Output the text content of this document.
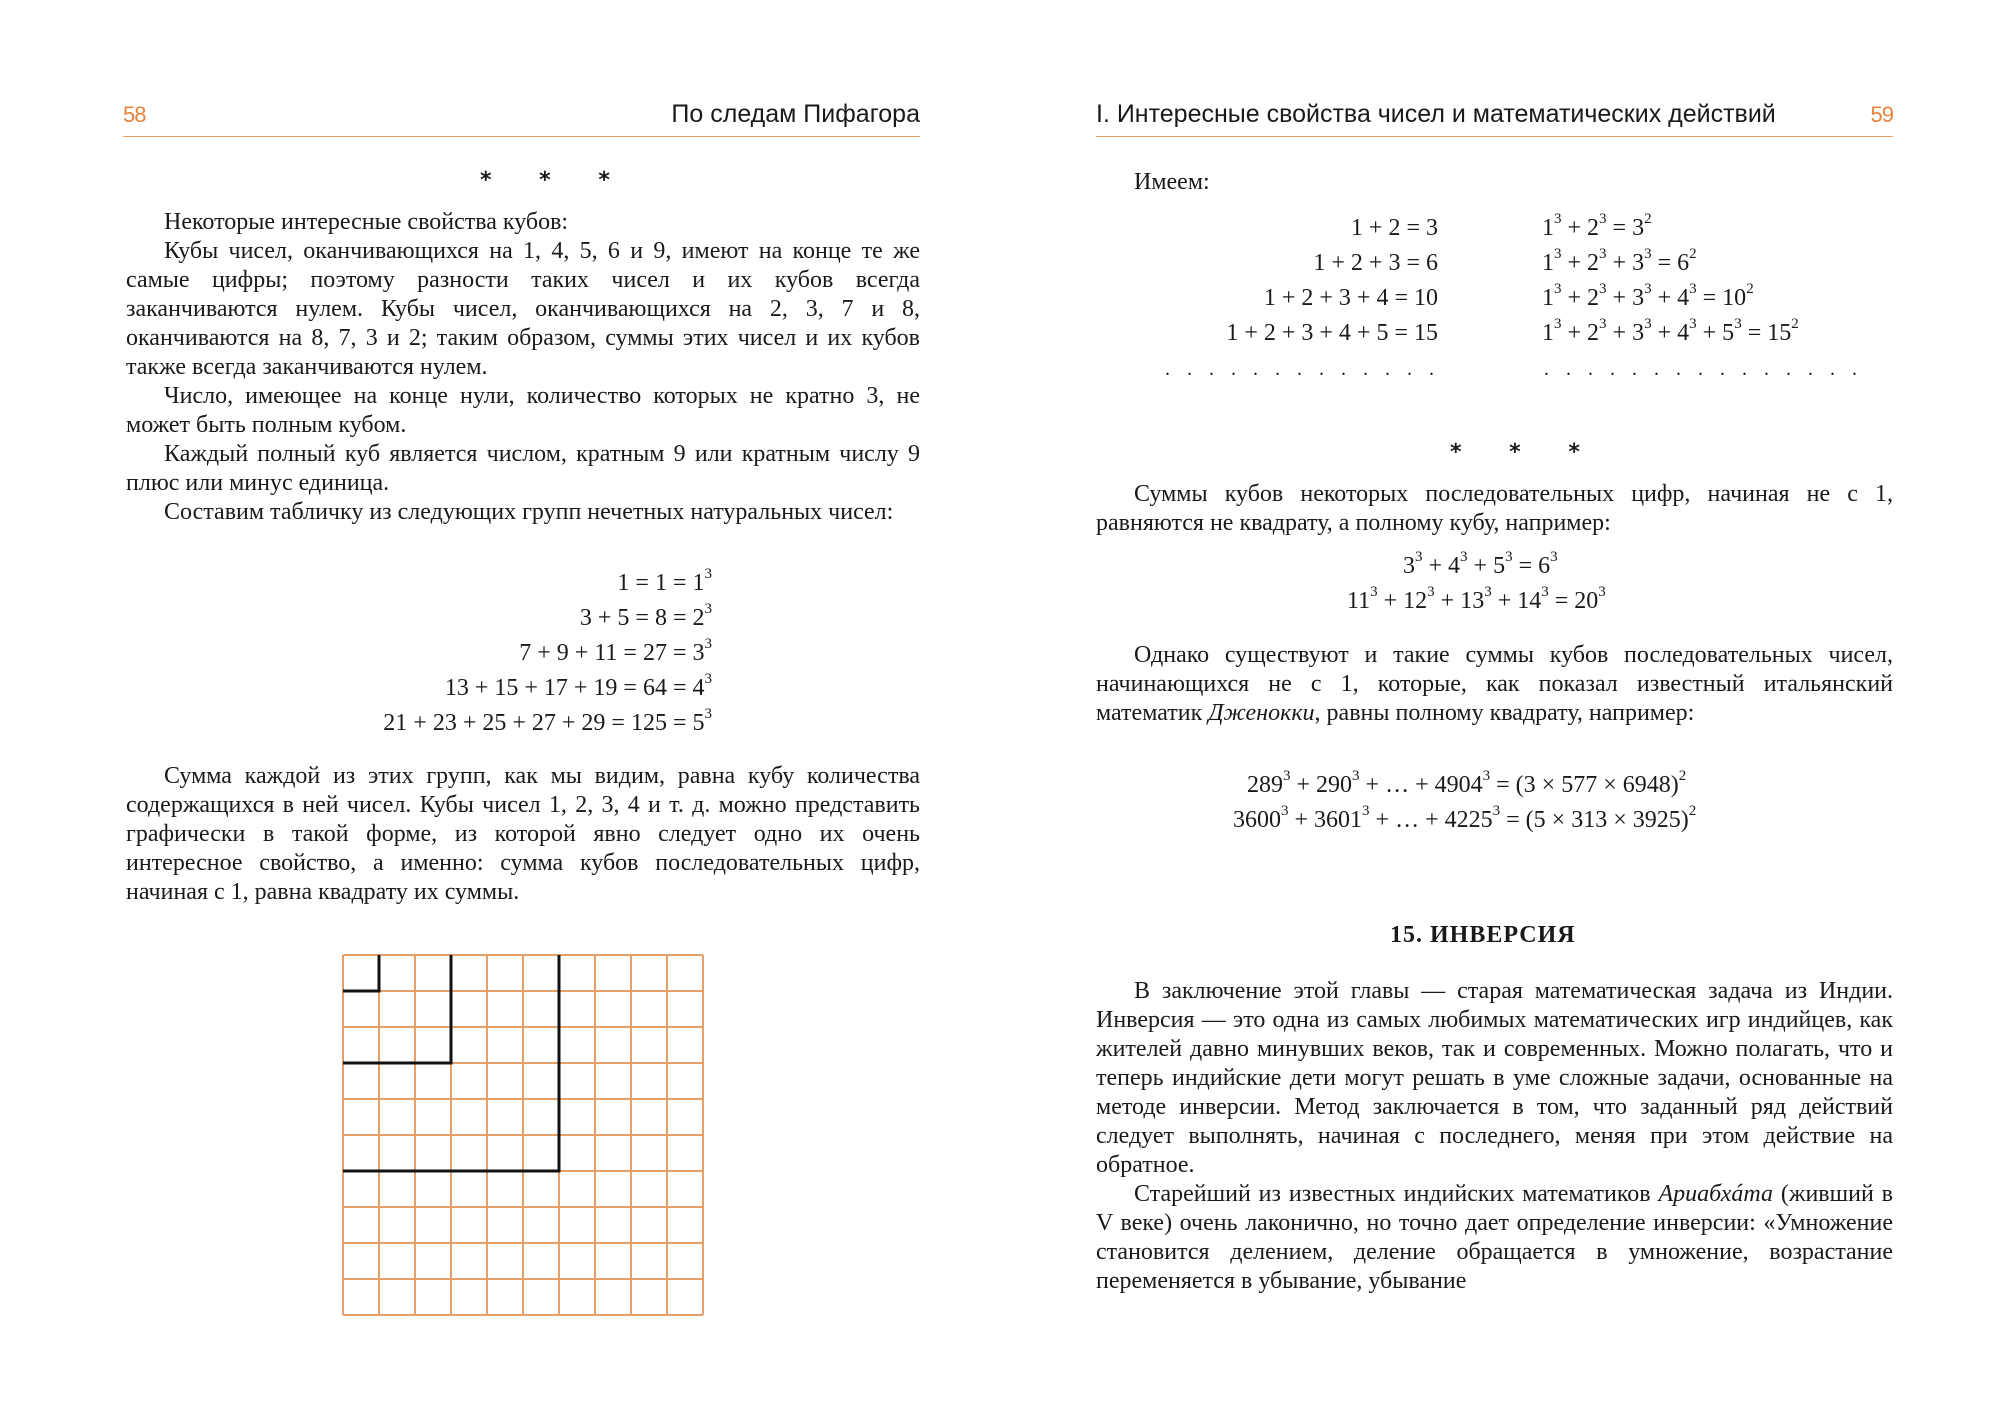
58	По следам Пифагора
* * *

Некоторые интересные свойства кубов:

Кубы чисел, оканчивающихся на 1, 4, 5, 6 и 9, имеют на конце те же самые цифры; поэтому разности таких чисел и их кубов всегда заканчиваются нулем. Кубы чисел, оканчивающихся на 2, 3, 7 и 8, оканчиваются на 8, 7, 3 и 2; таким образом, суммы этих чисел и их кубов также всегда заканчиваются нулем.

Число, имеющее на конце нули, количество которых не кратно 3, не может быть полным кубом.

Каждый полный куб является числом, кратным 9 или кратным числу 9 плюс или минус единица.

Составим табличку из следующих групп нечетных натуральных чисел:

$1 = 1 = 1^3$
$3 + 5 = 8 = 2^3$
$7 + 9 + 11 = 27 = 3^3$
$13 + 15 + 17 + 19 = 64 = 4^3$
$21 + 23 + 25 + 27 + 29 = 125 = 5^3$

Сумма каждой из этих групп, как мы видим, равна кубу количества содержащихся в ней чисел. Кубы чисел 1, 2, 3, 4 и т. д. можно представить графически в такой форме, из которой явно следует одно их очень интересное свойство, а именно: сумма кубов последовательных цифр, начиная с 1, равна квадрату их суммы.

I. Интересные свойства чисел и математических действий	59

Имеем:

1 + 2 = 3
1 + 2 + 3 = 6
1 + 2 + 3 + 4 = 10
1 + 2 + 3 + 4 + 5 = 15
. . . . . . . . . . . . .
$1^3 + 2^3 = 3^2$
$1^3 + 2^3 + 3^3 = 6^2$
$1^3 + 2^3 + 3^3 + 4^3 = 10^2$
$1^3 + 2^3 + 3^3 + 4^3 + 5^3 = 15^2$
. . . . . . . . . . . . . . .
* * *

Суммы кубов некоторых последовательных цифр, начиная не с 1, равняются не квадрату, а полному кубу, например:

$3^3 + 4^3 + 5^3 = 6^3$
$11^3 + 12^3 + 13^3 + 14^3 = 20^3$

Однако существуют и такие суммы кубов последовательных чисел, начинающихся не с 1, которые, как показал известный итальянский математик Дженокки, равны полному квадрату, например:

$289^3 + 290^3$ + … + $4904^3 = (3 \times 577 \times 6948)^2$
$3600^3 + 3601^3$ + … + $4225^3 = (5 \times 313 \times 3925)^2$
15. ИНВЕРСИЯ

В заключение этой главы — старая математическая задача из Индии. Инверсия — это одна из самых любимых математических игр индийцев, как жителей давно минувших веков, так и современных. Можно полагать, что и теперь индийские дети могут решать в уме сложные задачи, основанные на методе инверсии. Метод заключается в том, что заданный ряд действий следует выполнять, начиная с последнего, меняя при этом действие на обратное.

Старейший из известных индийских математиков Ариабхáта (живший в V веке) очень лаконично, но точно дает определение инверсии: «Умножение становится делением, деление обращается в умножение, возрастание переменяется в убывание, убывание
